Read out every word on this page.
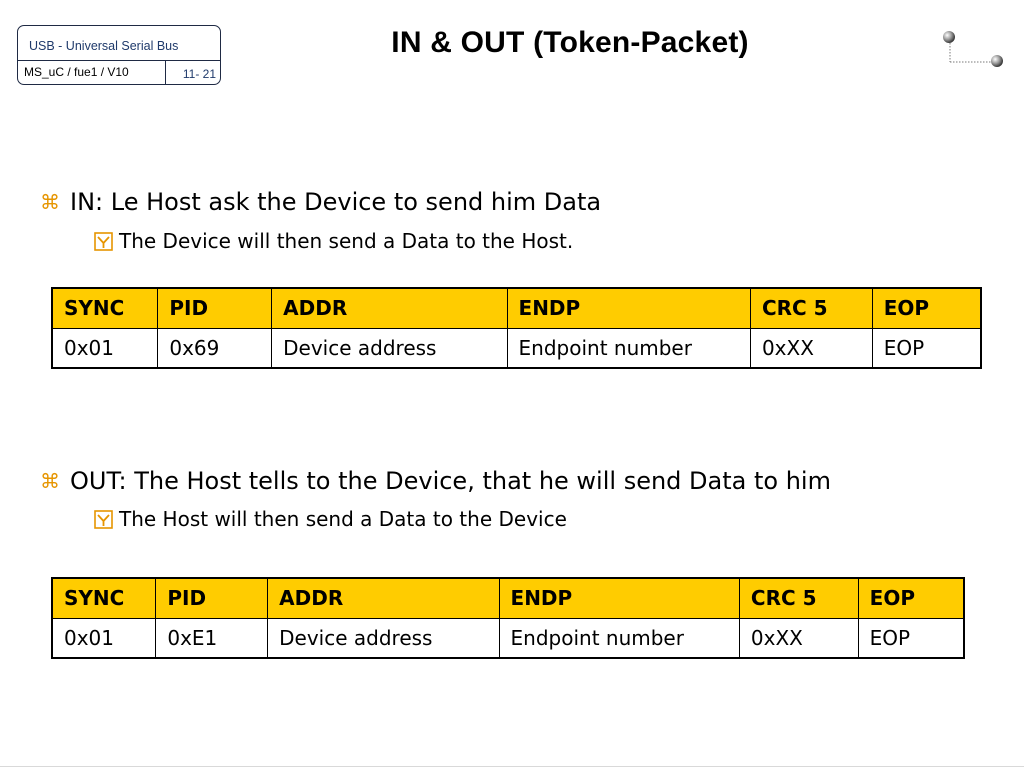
USB - Universal Serial Bus
MS_uC / fue1 / V10	11- 21
IN & OUT (Token-Packet)
⌘ IN: Le Host ask the Device to send him Data
The Device will then send a Data to the Host.
SYNC	PID	ADDR	ENDP	CRC 5	EOP
0x01	0x69	Device address	Endpoint number	0xXX	EOP
⌘ OUT: The Host tells to the Device, that he will send Data to him
The Host will then send a Data to the Device
SYNC	PID	ADDR	ENDP	CRC 5	EOP
0x01	0xE1	Device address	Endpoint number	0xXX	EOP
